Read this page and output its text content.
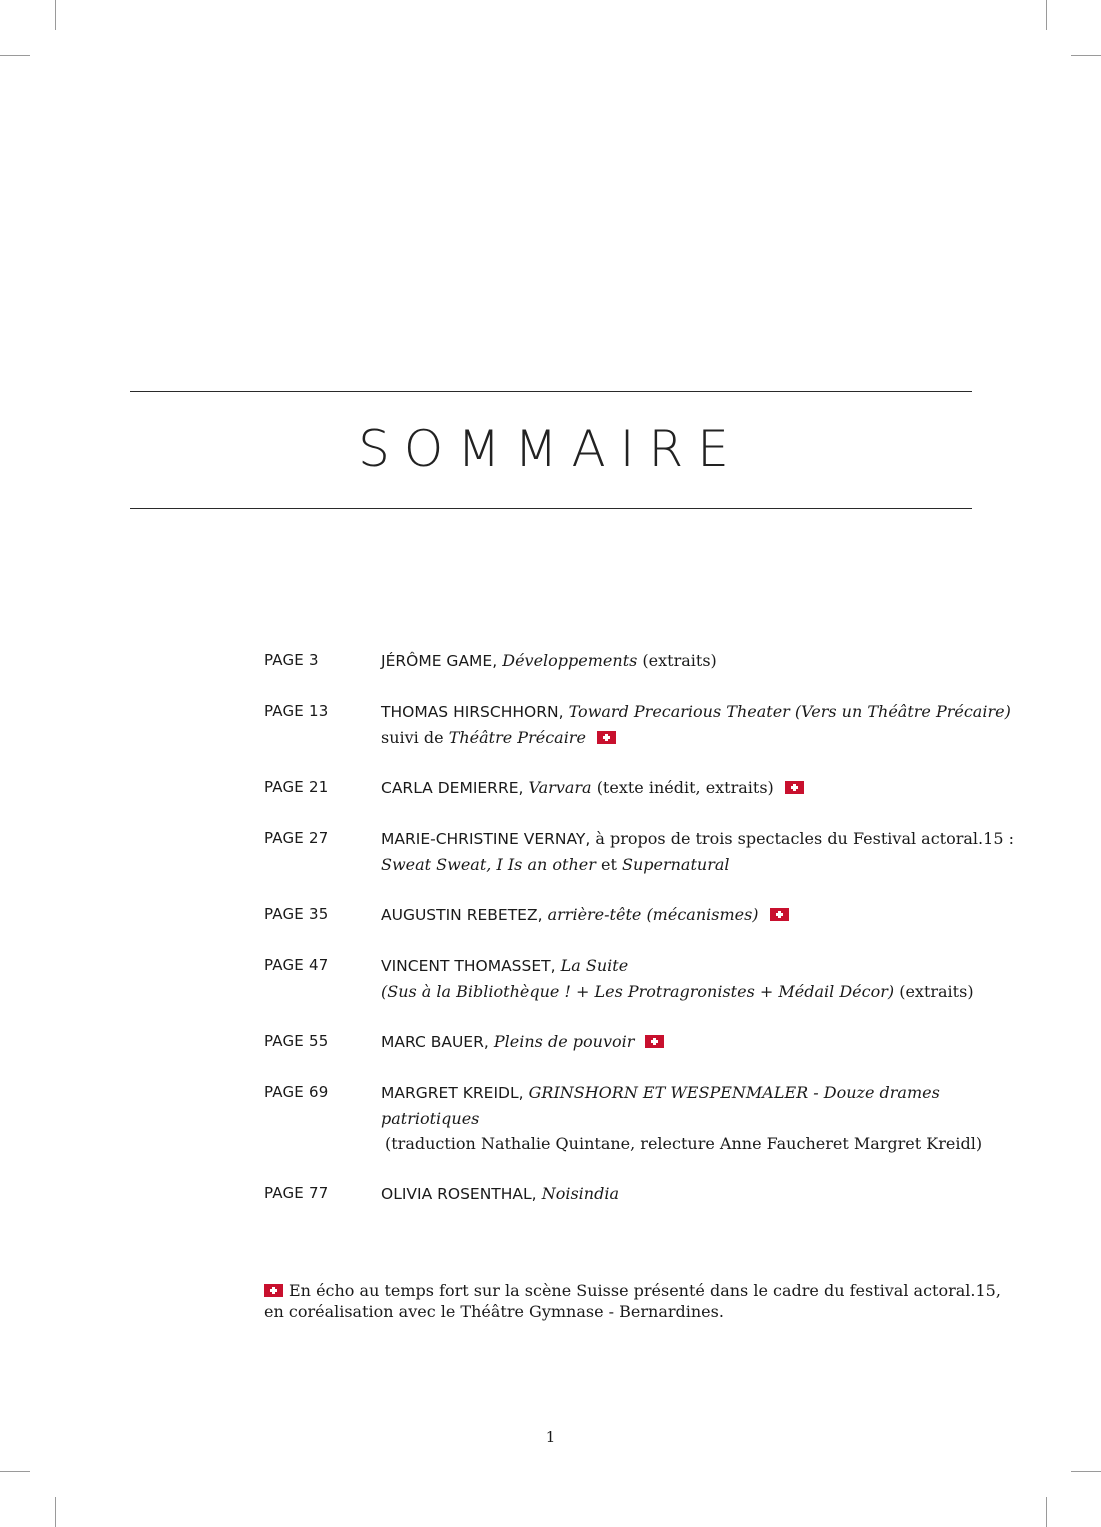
SOMMAIRE
PAGE 3	JÉRÔME GAME, Développements (extraits)
PAGE 13	THOMAS HIRSCHHORN, Toward Precarious Theater (Vers un Théâtre Précaire)
suivi de Théâtre Précaire
PAGE 21	CARLA DEMIERRE, Varvara (texte inédit, extraits)
PAGE 27	MARIE-CHRISTINE VERNAY, à propos de trois spectacles du Festival actoral.15 :
Sweat Sweat, I Is an other et Supernatural
PAGE 35	AUGUSTIN REBETEZ, arrière-tête (mécanismes)
PAGE 47	VINCENT THOMASSET, La Suite
(Sus à la Bibliothèque ! + Les Protragronistes + Médail Décor) (extraits)
PAGE 55	MARC BAUER, Pleins de pouvoir
PAGE 69	MARGRET KREIDL, GRINSHORN ET WESPENMALER - Douze drames patriotiques
(traduction Nathalie Quintane, relecture Anne Faucheret Margret Kreidl)
PAGE 77	OLIVIA ROSENTHAL, Noisindia
En écho au temps fort sur la scène Suisse présenté dans le cadre du festival actoral.15,
en coréalisation avec le Théâtre Gymnase - Bernardines.
1
